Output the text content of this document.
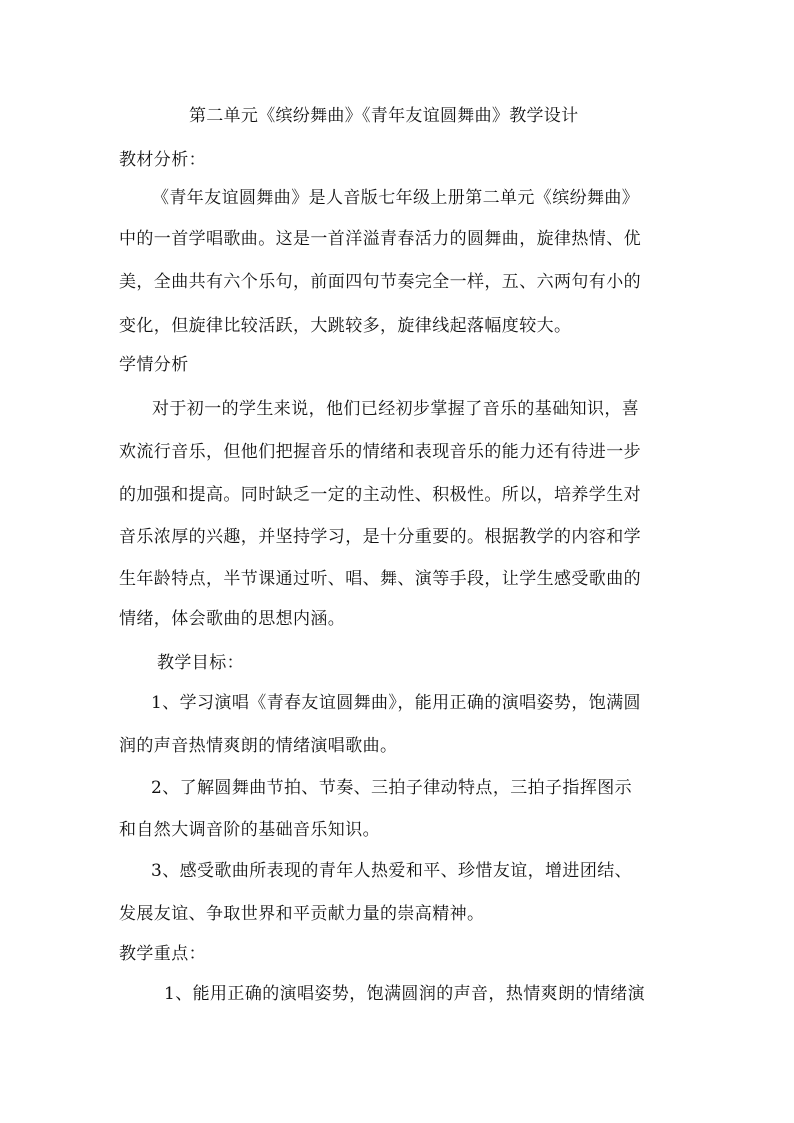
第二单元《缤纷舞曲》《青年友谊圆舞曲》教学设计
教材分析：
《青年友谊圆舞曲》是人音版七年级上册第二单元《缤纷舞曲》
中的一首学唱歌曲。这是一首洋溢青春活力的圆舞曲，旋律热情、优
美，全曲共有六个乐句，前面四句节奏完全一样，五、六两句有小的
变化，但旋律比较活跃，大跳较多，旋律线起落幅度较大。
学情分析
对于初一的学生来说，他们已经初步掌握了音乐的基础知识，喜
欢流行音乐，但他们把握音乐的情绪和表现音乐的能力还有待进一步
的加强和提高。同时缺乏一定的主动性、积极性。所以，培养学生对
音乐浓厚的兴趣，并坚持学习，是十分重要的。根据教学的内容和学
生年龄特点，半节课通过听、唱、舞、演等手段，让学生感受歌曲的
情绪，体会歌曲的思想内涵。
教学目标：
1、学习演唱《青春友谊圆舞曲》，能用正确的演唱姿势，饱满圆
润的声音热情爽朗的情绪演唱歌曲。
2、了解圆舞曲节拍、节奏、三拍子律动特点，三拍子指挥图示
和自然大调音阶的基础音乐知识。
3、感受歌曲所表现的青年人热爱和平、珍惜友谊，增进团结、
发展友谊、争取世界和平贡献力量的崇高精神。
教学重点：
1、能用正确的演唱姿势，饱满圆润的声音，热情爽朗的情绪演
